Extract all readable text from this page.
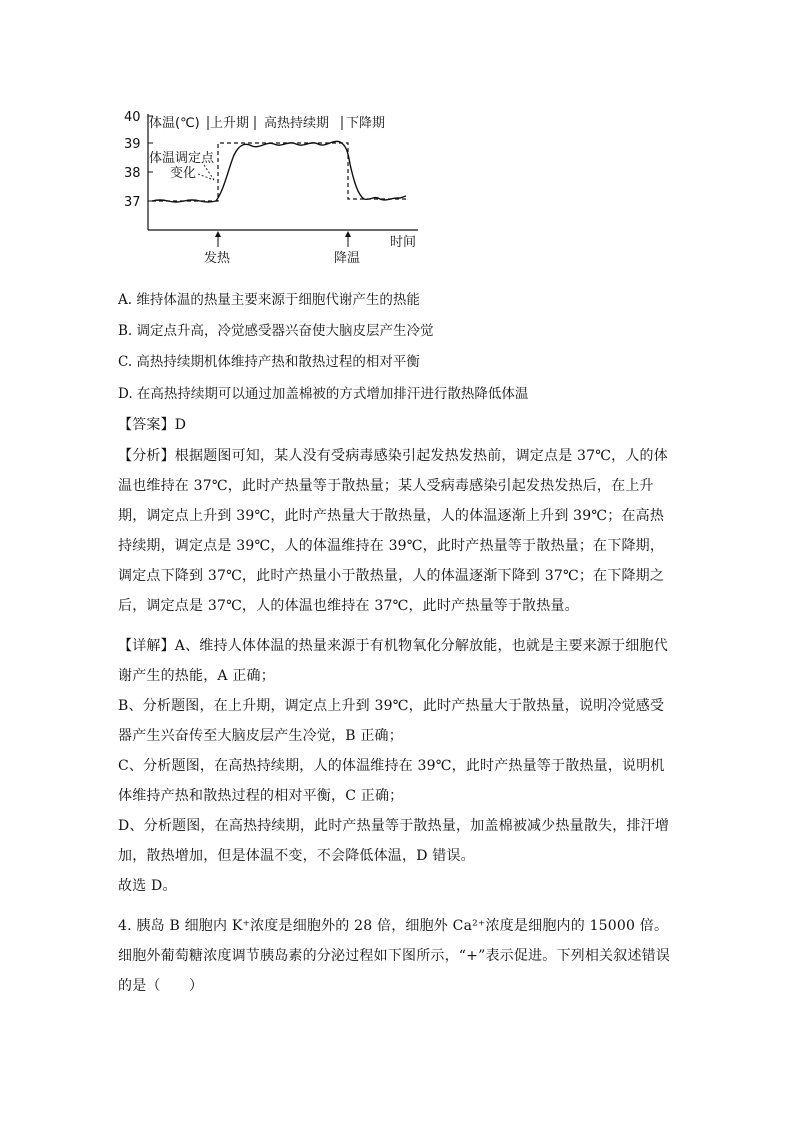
40
39
38
37
体温(℃) 上升期 高热持续期 下降期
体温调定点
变化
发热	降温
时间
A. 维持体温的热量主要来源于细胞代谢产生的热能
B. 调定点升高，冷觉感受器兴奋使大脑皮层产生冷觉
C. 高热持续期机体维持产热和散热过程的相对平衡
D. 在高热持续期可以通过加盖棉被的方式增加排汗进行散热降低体温
【答案】D
【分析】根据题图可知，某人没有受病毒感染引起发热发热前，调定点是 37℃，人的体温也维持在 37℃，此时产热量等于散热量；某人受病毒感染引起发热发热后，在上升期，调定点上升到 39℃，此时产热量大于散热量，人的体温逐渐上升到 39℃；在高热持续期，调定点是 39℃，人的体温维持在 39℃，此时产热量等于散热量；在下降期，调定点下降到 37℃，此时产热量小于散热量，人的体温逐渐下降到 37℃；在下降期之后，调定点是 37℃，人的体温也维持在 37℃，此时产热量等于散热量。
【详解】A、维持人体体温的热量来源于有机物氧化分解放能，也就是主要来源于细胞代谢产生的热能，A 正确；
B、分析题图，在上升期，调定点上升到 39℃，此时产热量大于散热量，说明冷觉感受器产生兴奋传至大脑皮层产生冷觉，B 正确；
C、分析题图，在高热持续期，人的体温维持在 39℃，此时产热量等于散热量，说明机体维持产热和散热过程的相对平衡，C 正确；
D、分析题图，在高热持续期，此时产热量等于散热量，加盖棉被减少热量散失，排汗增加，散热增加，但是体温不变，不会降低体温，D 错误。
故选 D。
4. 胰岛 B 细胞内 K⁺浓度是细胞外的 28 倍，细胞外 Ca²⁺浓度是细胞内的 15000 倍。细胞外葡萄糖浓度调节胰岛素的分泌过程如下图所示，“+”表示促进。下列相关叙述错误的是（　　）
